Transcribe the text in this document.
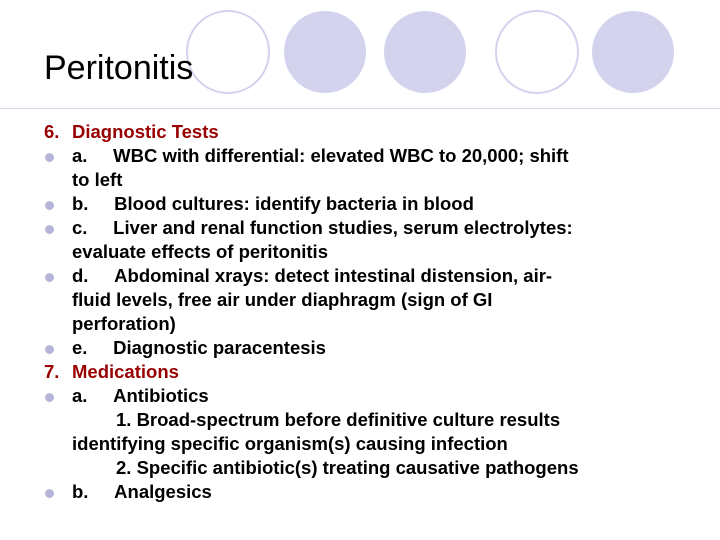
Peritonitis
6. Diagnostic Tests
a. WBC with differential: elevated WBC to 20,000; shift
to left
b. Blood cultures: identify bacteria in blood
c. Liver and renal function studies, serum electrolytes:
evaluate effects of peritonitis
d. Abdominal xrays: detect intestinal distension, air-
fluid levels, free air under diaphragm (sign of GI
perforation)
e. Diagnostic paracentesis
7. Medications
a. Antibiotics
1. Broad-spectrum before definitive culture results
identifying specific organism(s) causing infection
2. Specific antibiotic(s) treating causative pathogens
b. Analgesics
